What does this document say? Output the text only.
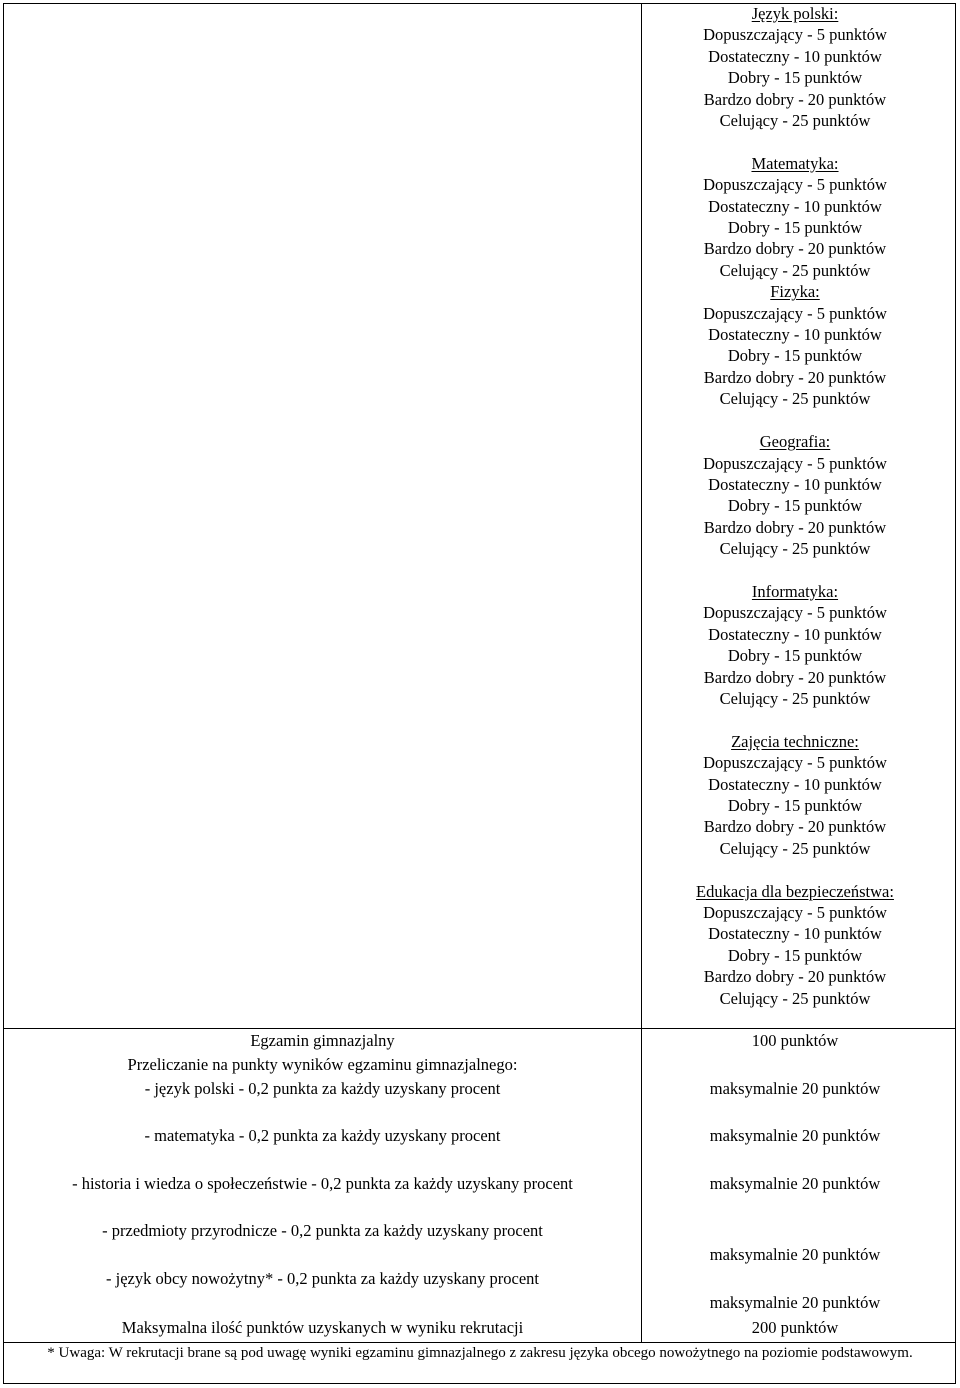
Język polski:
Dopuszczający - 5 punktów
Dostateczny - 10 punktów
Dobry - 15 punktów
Bardzo dobry - 20 punktów
Celujący - 25 punktów
Matematyka:
Dopuszczający - 5 punktów
Dostateczny - 10 punktów
Dobry - 15 punktów
Bardzo dobry - 20 punktów
Celujący - 25 punktów
Fizyka:
Dopuszczający - 5 punktów
Dostateczny - 10 punktów
Dobry - 15 punktów
Bardzo dobry - 20 punktów
Celujący - 25 punktów
Geografia:
Dopuszczający - 5 punktów
Dostateczny - 10 punktów
Dobry - 15 punktów
Bardzo dobry - 20 punktów
Celujący - 25 punktów
Informatyka:
Dopuszczający - 5 punktów
Dostateczny - 10 punktów
Dobry - 15 punktów
Bardzo dobry - 20 punktów
Celujący - 25 punktów
Zajęcia techniczne:
Dopuszczający - 5 punktów
Dostateczny - 10 punktów
Dobry - 15 punktów
Bardzo dobry - 20 punktów
Celujący - 25 punktów
Edukacja dla bezpieczeństwa:
Dopuszczający - 5 punktów
Dostateczny - 10 punktów
Dobry - 15 punktów
Bardzo dobry - 20 punktów
Celujący - 25 punktów
Egzamin gimnazjalny
Przeliczanie na punkty wyników egzaminu gimnazjalnego:
- język polski - 0,2 punkta za każdy uzyskany procent
- matematyka - 0,2 punkta za każdy uzyskany procent
- historia i wiedza o społeczeństwie - 0,2 punkta za każdy uzyskany procent
- przedmioty przyrodnicze - 0,2 punkta za każdy uzyskany procent
- język obcy nowożytny* - 0,2 punkta za każdy uzyskany procent
100 punktów
maksymalnie 20 punktów
maksymalnie 20 punktów
maksymalnie 20 punktów
maksymalnie 20 punktów
maksymalnie 20 punktów
Maksymalna ilość punktów uzyskanych w wyniku rekrutacji	200 punktów
* Uwaga: W rekrutacji brane są pod uwagę wyniki egzaminu gimnazjalnego z zakresu języka obcego nowożytnego na poziomie podstawowym.
